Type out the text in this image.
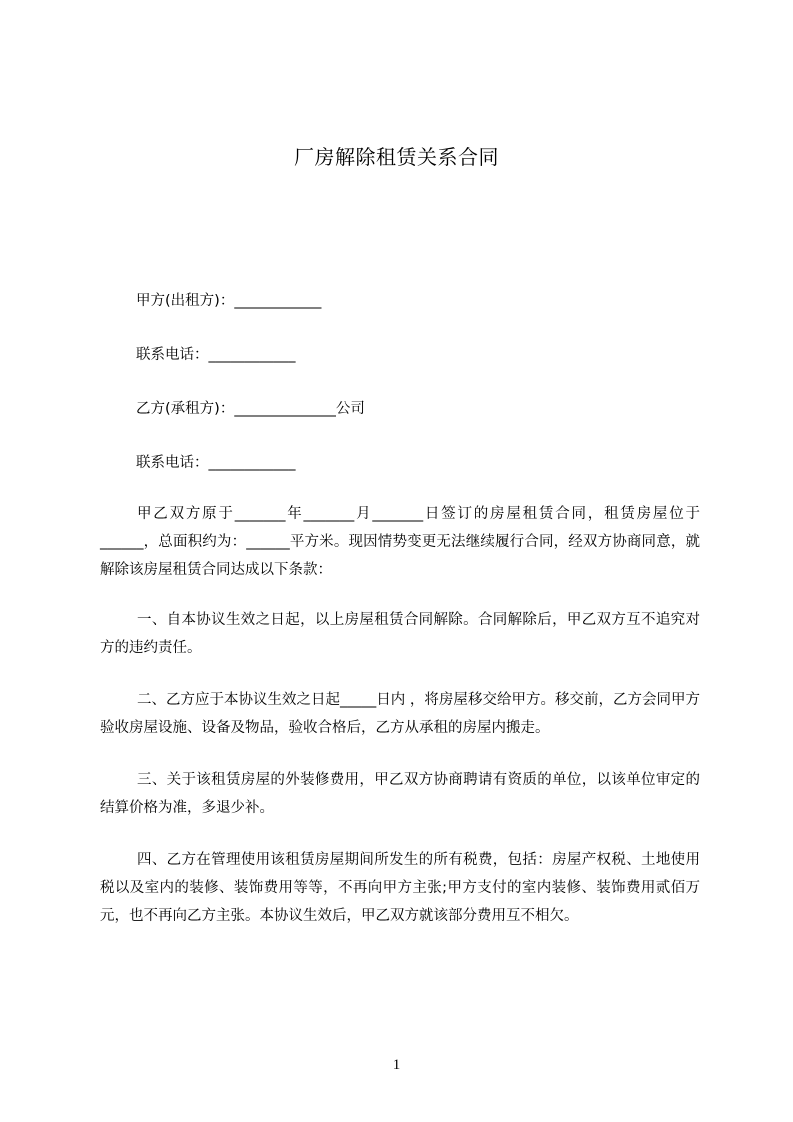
厂房解除租赁关系合同
甲方(出租方)：____________
联系电话：____________
乙方(承租方)：______________公司
联系电话：____________
甲乙双方原于_______年_______月_______日签订的房屋租赁合同，租赁房屋位于______，总面积约为：______平方米。现因情势变更无法继续履行合同，经双方协商同意，就解除该房屋租赁合同达成以下条款：
一、自本协议生效之日起，以上房屋租赁合同解除。合同解除后，甲乙双方互不追究对方的违约责任。
二、乙方应于本协议生效之日起_____日内 ，将房屋移交给甲方。移交前，乙方会同甲方验收房屋设施、设备及物品，验收合格后，乙方从承租的房屋内搬走。
三、关于该租赁房屋的外装修费用，甲乙双方协商聘请有资质的单位，以该单位审定的结算价格为准，多退少补。
四、乙方在管理使用该租赁房屋期间所发生的所有税费，包括：房屋产权税、土地使用税以及室内的装修、装饰费用等等，不再向甲方主张;甲方支付的室内装修、装饰费用贰佰万元，也不再向乙方主张。本协议生效后，甲乙双方就该部分费用互不相欠。
1
